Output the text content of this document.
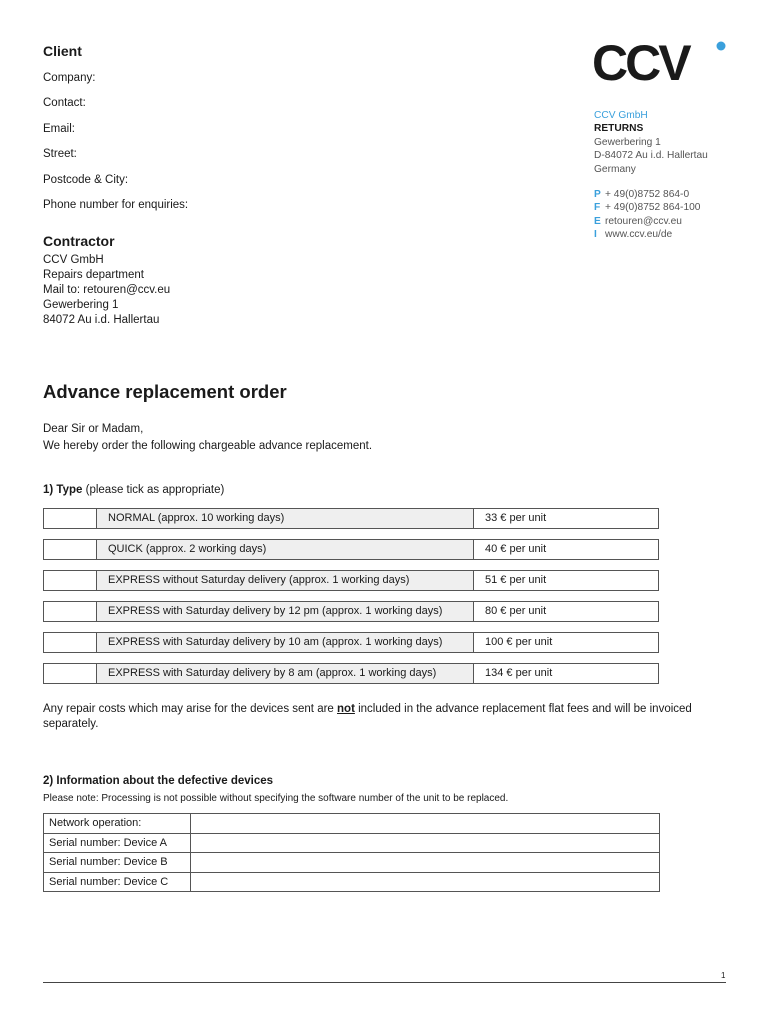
Client
Company:
Contact:
Email:
Street:
Postcode & City:
Phone number for enquiries:
Contractor
CCV GmbH
Repairs department
Mail to: retouren@ccv.eu
Gewerbering 1
84072 Au i.d. Hallertau
CCV
CCV GmbH
RETURNS
Gewerbering 1
D-84072 Au i.d. Hallertau
Germany
P + 49(0)8752 864-0
F + 49(0)8752 864-100
E retouren@ccv.eu
I www.ccv.eu/de
Advance replacement order
Dear Sir or Madam,
We hereby order the following chargeable advance replacement.
1) Type (please tick as appropriate)
NORMAL (approx. 10 working days)	33 € per unit
QUICK (approx. 2 working days)	40 € per unit
EXPRESS without Saturday delivery (approx. 1 working days)	51 € per unit
EXPRESS with Saturday delivery by 12 pm (approx. 1 working days)	80 € per unit
EXPRESS with Saturday delivery by 10 am (approx. 1 working days)	100 € per unit
EXPRESS with Saturday delivery by 8 am (approx. 1 working days)	134 € per unit
Any repair costs which may arise for the devices sent are not included in the advance replacement flat fees and will be invoiced separately.
2) Information about the defective devices
Please note: Processing is not possible without specifying the software number of the unit to be replaced.
Network operation:	
Serial number: Device A	
Serial number: Device B	
Serial number: Device C	
1
